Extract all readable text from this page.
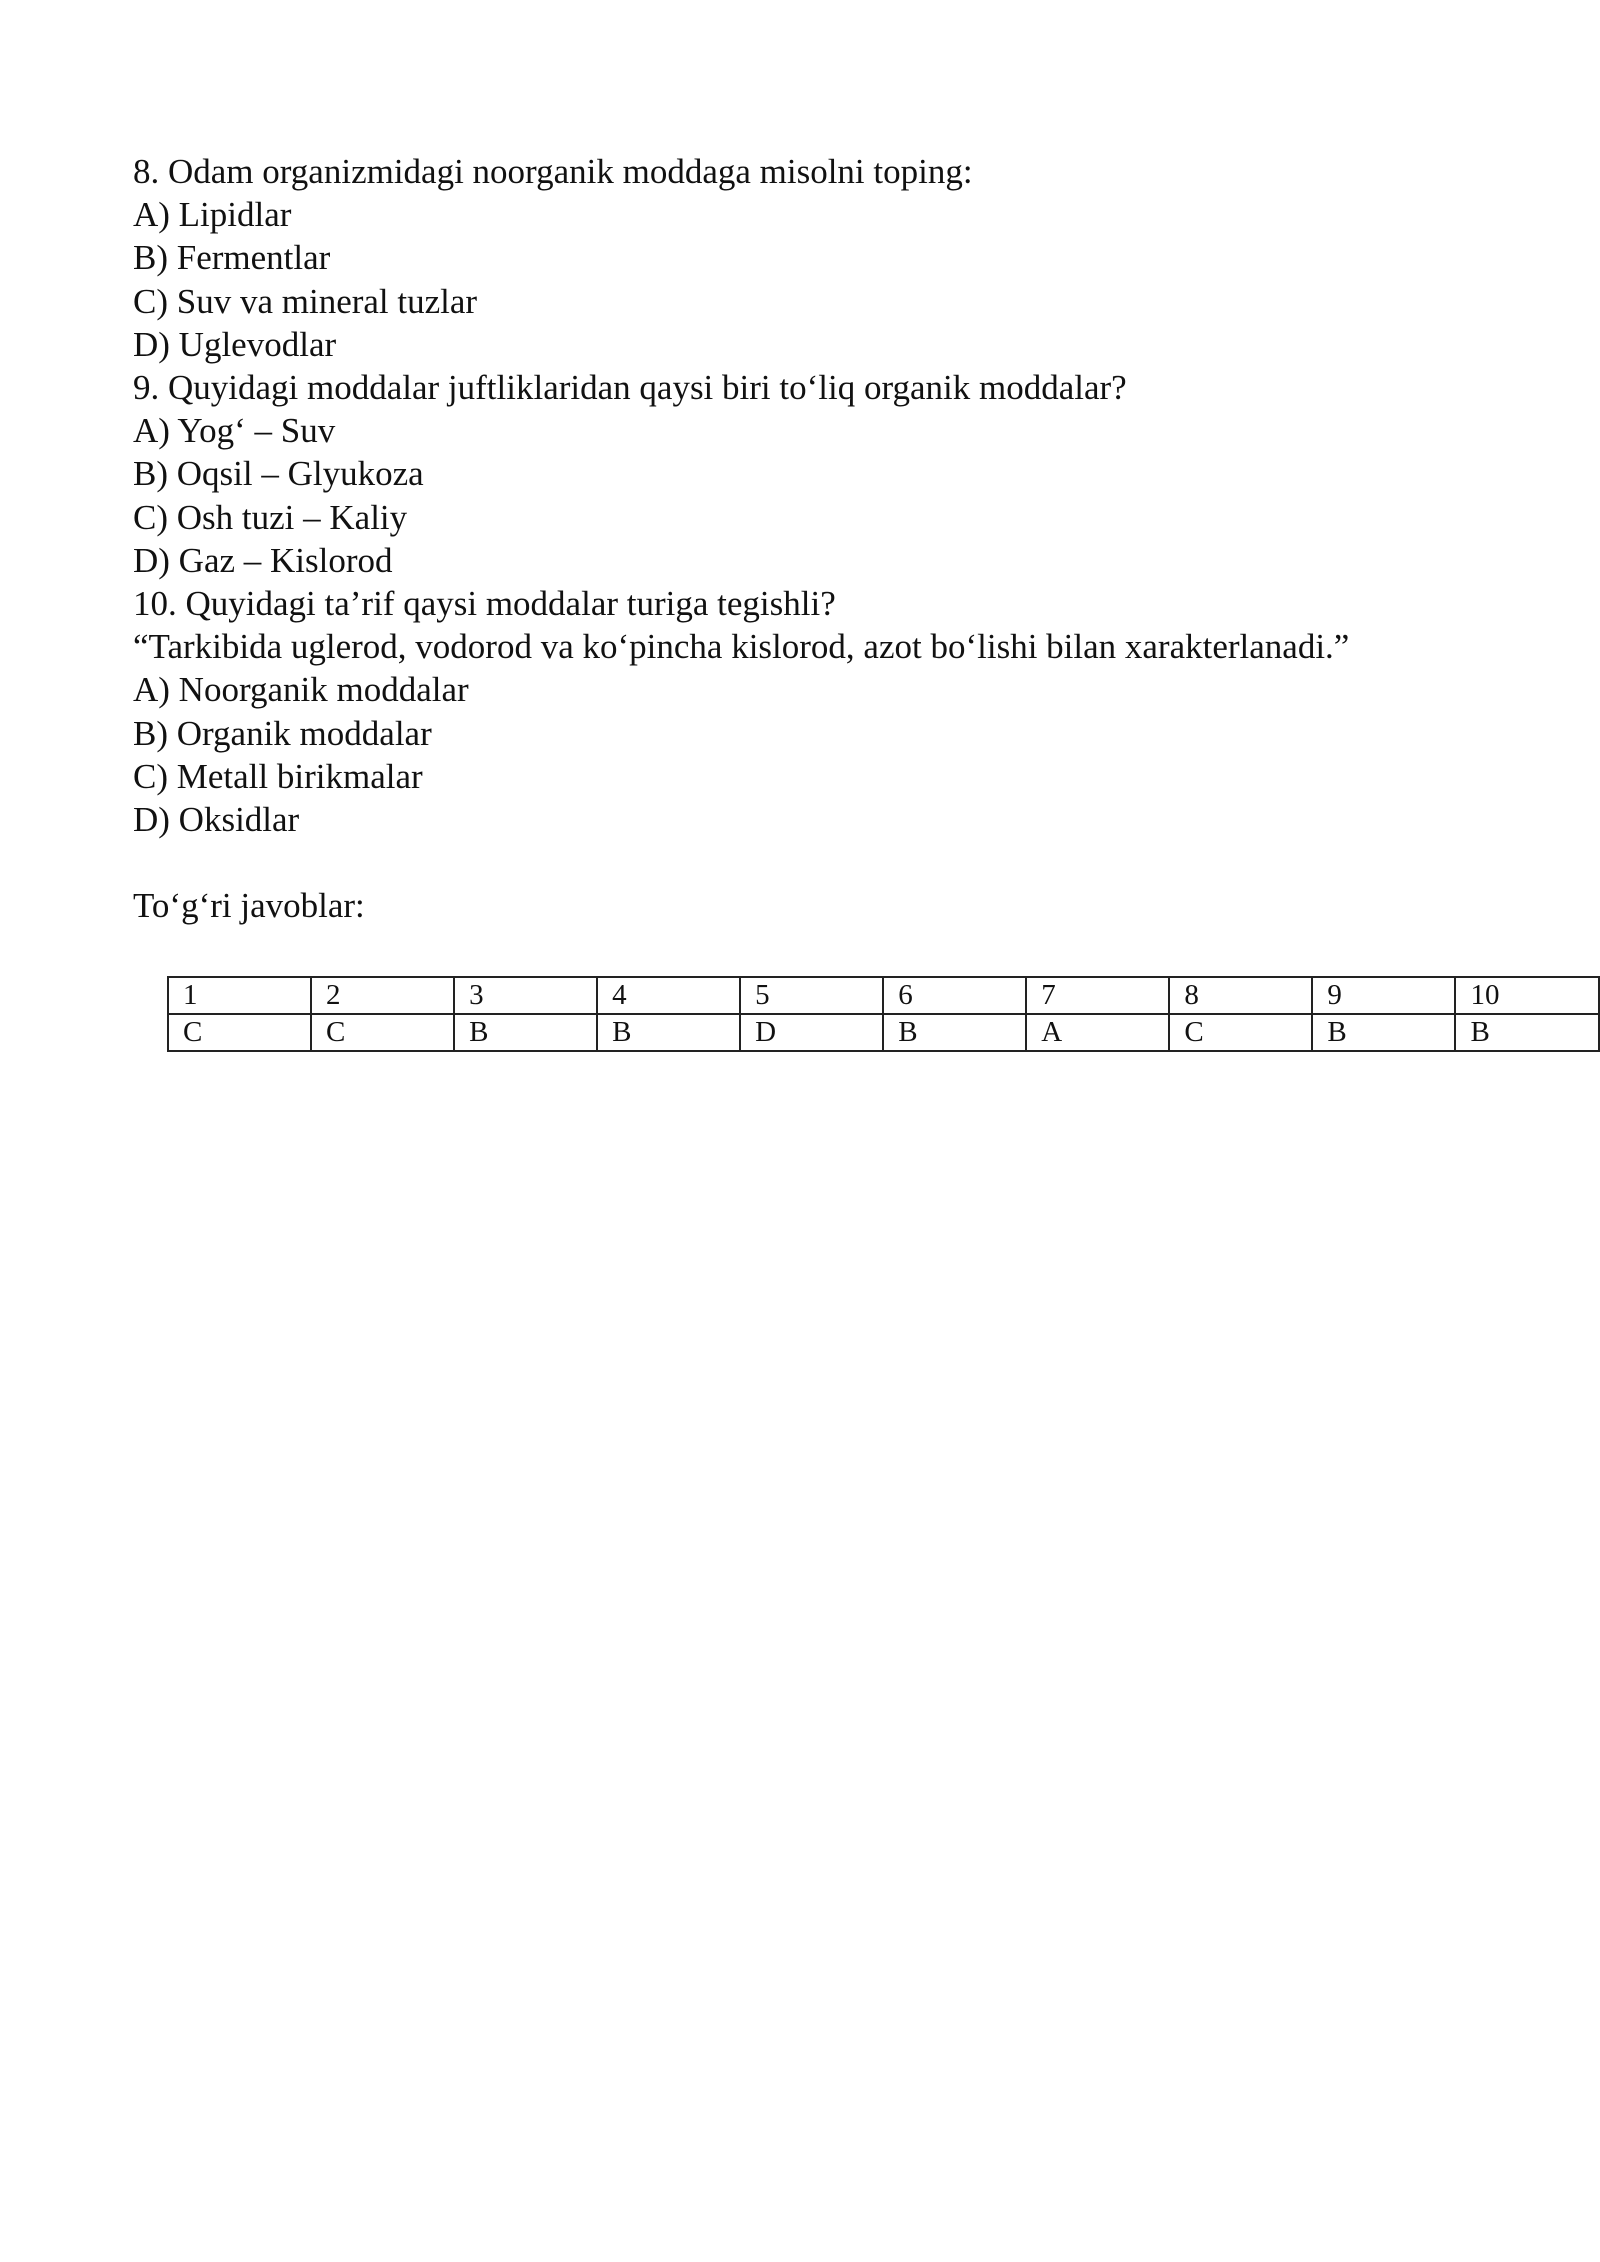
8. Odam organizmidagi noorganik moddaga misolni toping:

A) Lipidlar

B) Fermentlar

C) Suv va mineral tuzlar

D) Uglevodlar

9. Quyidagi moddalar juftliklaridan qaysi biri to‘liq organik moddalar?

A) Yog‘ – Suv

B) Oqsil – Glyukoza

C) Osh tuzi – Kaliy

D) Gaz – Kislorod

10. Quyidagi ta’rif qaysi moddalar turiga tegishli?

“Tarkibida uglerod, vodorod va ko‘pincha kislorod, azot bo‘lishi bilan xarakterlanadi.”

A) Noorganik moddalar

B) Organik moddalar

C) Metall birikmalar

D) Oksidlar

To‘g‘ri javoblar:

1	2	3	4	5	6	7	8	9	10
C	C	B	B	D	B	A	C	B	B
